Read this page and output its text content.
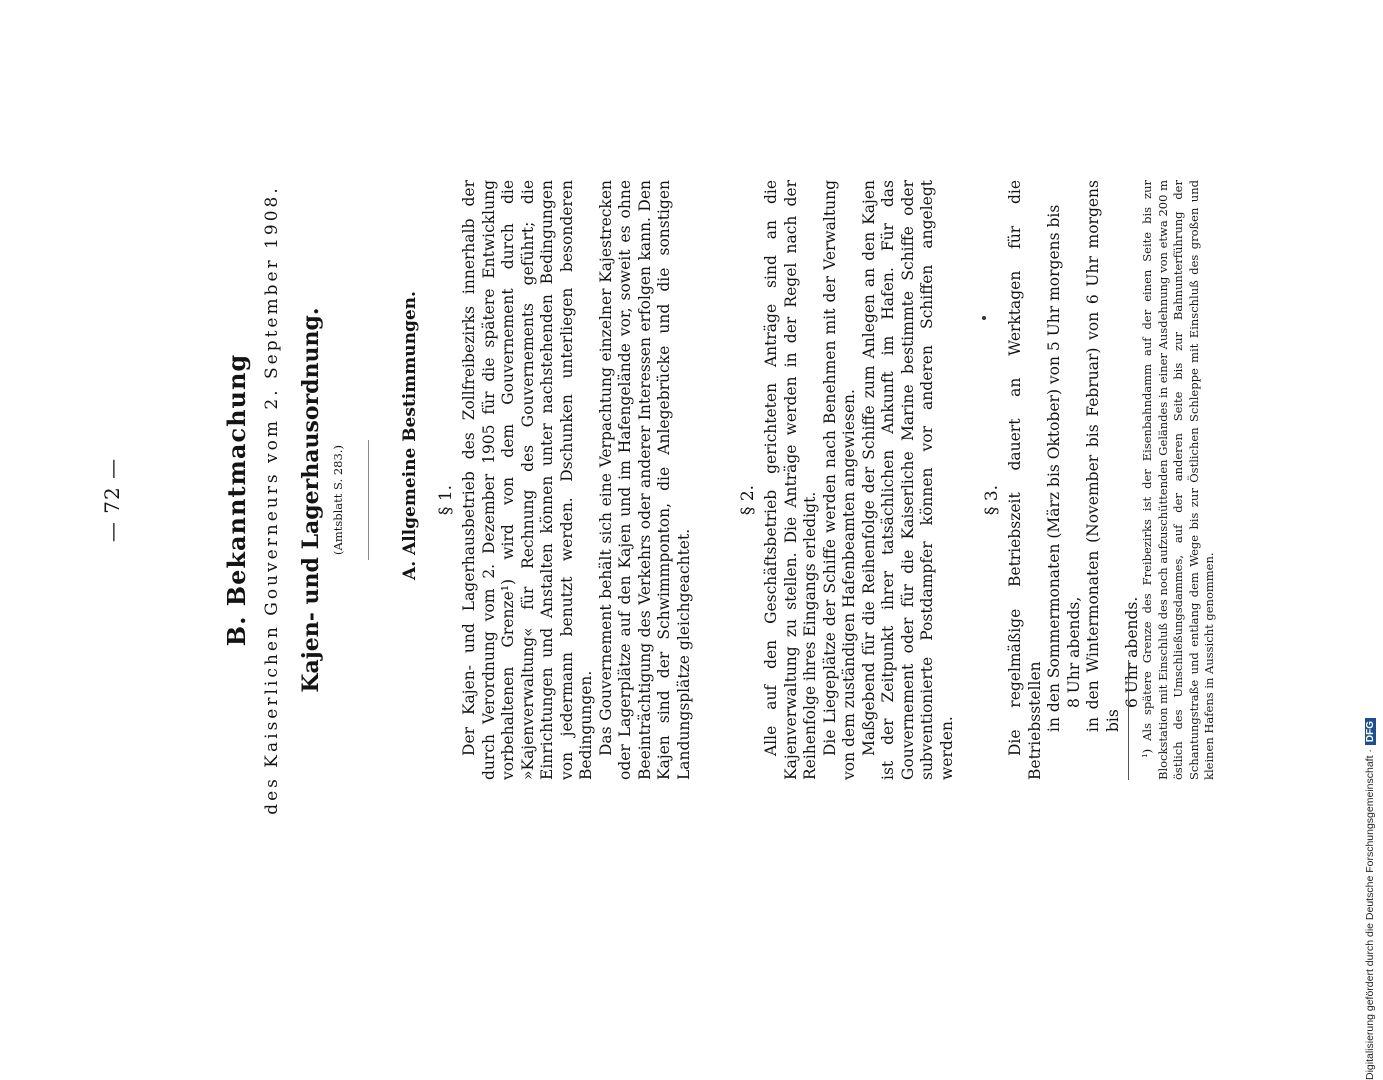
— 72 —	B. Bekanntmachung des Kaiserlichen Gouverneurs vom 2. September 1908. Kajen- und Lagerhausordnung. (Amtsblatt S. 283.)	A. Allgemeine Bestimmungen. § 1. Der Kajen- und Lagerhausbetrieb des Zollfreibezirks innerhalb der durch Verordnung vom 2. Dezember 1905 für die spätere Entwicklung vorbehaltenen Grenze¹) wird von dem Gouvernement durch die »Kajenverwaltung« für Rechnung des Gouvernements geführt; die Einrichtungen und Anstalten können unter nachstehenden Bedingungen von jedermann benutzt werden. Dschunken unterliegen besonderen Bedingungen. Das Gouvernement behält sich eine Verpachtung einzelner Kajestrecken oder Lagerplätze auf den Kajen und im Hafengelände vor, soweit es ohne Beeinträchtigung des Verkehrs oder anderer Interessen erfolgen kann. Den Kajen sind der Schwimmponton, die Anlegebrücke und die sonstigen Landungsplätze gleichgeachtet.

§ 2. Alle auf den Geschäftsbetrieb gerichteten Anträge sind an die Kajenverwaltung zu stellen. Die Anträge werden in der Regel nach der Reihenfolge ihres Eingangs erledigt. Die Liegeplätze der Schiffe werden nach Benehmen mit der Verwaltung von dem zuständigen Hafenbeamten angewiesen. Maßgebend für die Reihenfolge der Schiffe zum Anlegen an den Kajen ist der Zeitpunkt ihrer tatsächlichen Ankunft im Hafen. Für das Gouvernement oder für die Kaiserliche Marine bestimmte Schiffe oder subventionierte Postdampfer können vor anderen Schiffen angelegt werden.

§ 3. Die regelmäßige Betriebszeit dauert an Werktagen für die Betriebsstellen in den Sommermonaten (März bis Oktober) von 5 Uhr morgens bis 8 Uhr abends, in den Wintermonaten (November bis Februar) von 6 Uhr morgens bis
6 Uhr abends. ¹) Als spätere Grenze des Freibezirks ist der Eisenbahndamm auf der einen Seite bis zur Blockstation mit Einschluß des noch aufzuschüttenden Geländes in einer Ausdehnung von etwa 200 m östlich des Umschließungsdammes, auf der anderen Seite bis zur Bahnunterführung der Schantungstraße und entlang dem Wege bis zur Östlichen Schleppe mit Einschluß des großen und kleinen Hafens in Aussicht genommen.

Digitalisierung gefördert durch die Deutsche Forschungsgemeinschaft ·DFG
